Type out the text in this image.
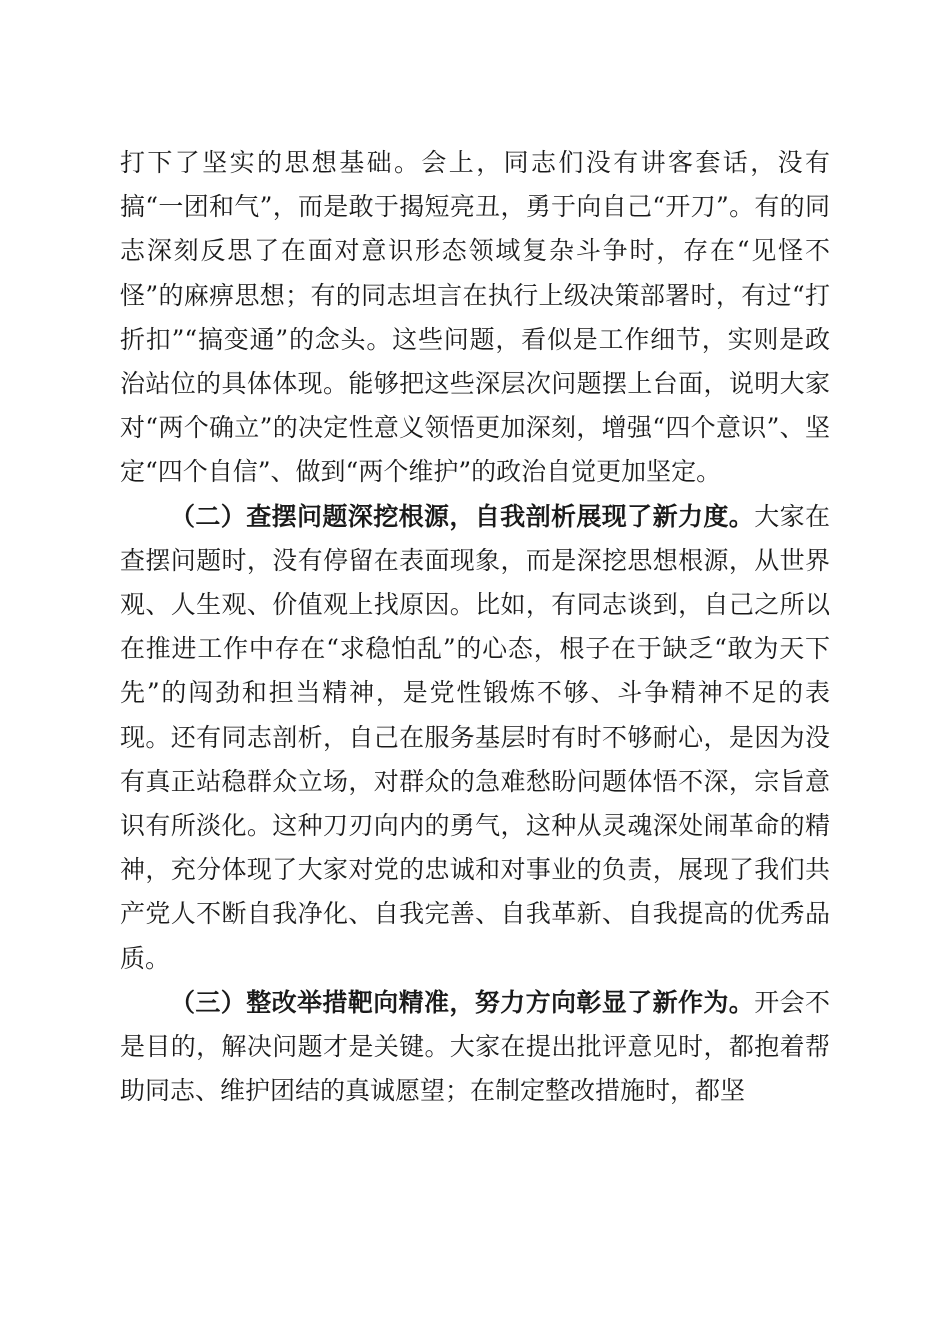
打下了坚实的思想基础。会上，同志们没有讲客套话，没有搞“一团和气”，而是敢于揭短亮丑，勇于向自己“开刀”。有的同志深刻反思了在面对意识形态领域复杂斗争时，存在“见怪不怪”的麻痹思想；有的同志坦言在执行上级决策部署时，有过“打折扣”“搞变通”的念头。这些问题，看似是工作细节，实则是政治站位的具体体现。能够把这些深层次问题摆上台面，说明大家对“两个确立”的决定性意义领悟更加深刻，增强“四个意识”、坚定“四个自信”、做到“两个维护”的政治自觉更加坚定。

（二）查摆问题深挖根源，自我剖析展现了新力度。大家在查摆问题时，没有停留在表面现象，而是深挖思想根源，从世界观、人生观、价值观上找原因。比如，有同志谈到，自己之所以在推进工作中存在“求稳怕乱”的心态，根子在于缺乏“敢为天下先”的闯劲和担当精神，是党性锻炼不够、斗争精神不足的表现。还有同志剖析，自己在服务基层时有时不够耐心，是因为没有真正站稳群众立场，对群众的急难愁盼问题体悟不深，宗旨意识有所淡化。这种刀刃向内的勇气，这种从灵魂深处闹革命的精神，充分体现了大家对党的忠诚和对事业的负责，展现了我们共产党人不断自我净化、自我完善、自我革新、自我提高的优秀品质。

（三）整改举措靶向精准，努力方向彰显了新作为。开会不是目的，解决问题才是关键。大家在提出批评意见时，都抱着帮助同志、维护团结的真诚愿望；在制定整改措施时，都坚
